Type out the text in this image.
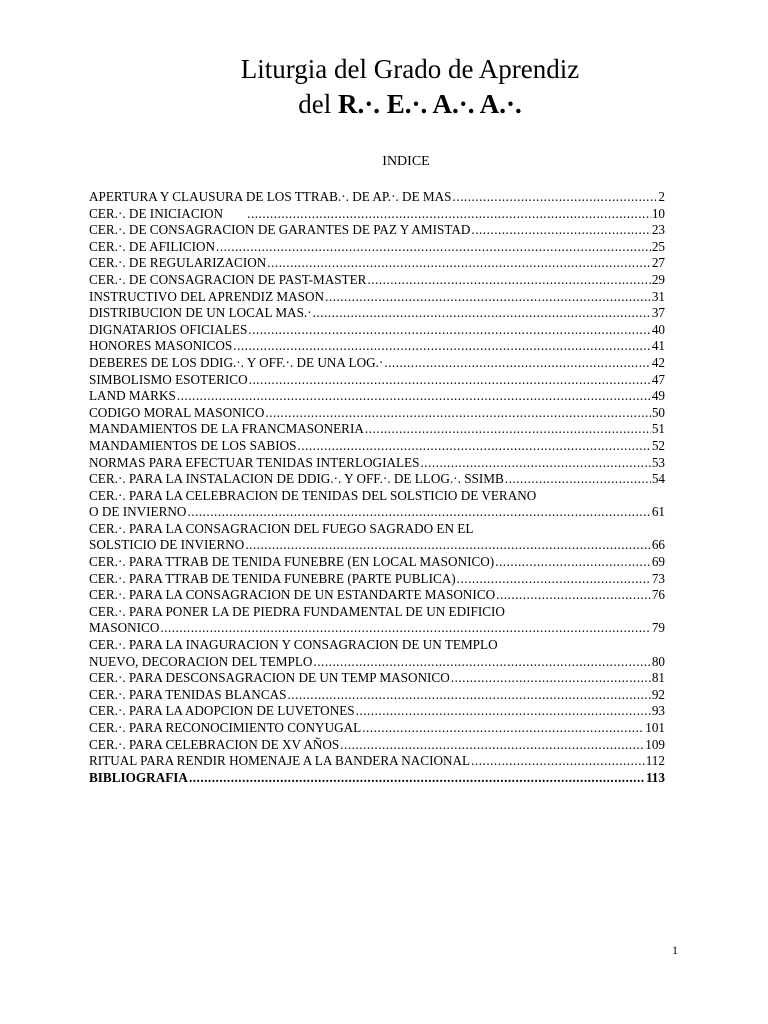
Liturgia del Grado de Aprendiz
del R.·. E.·. A.·. A.·.
INDICE
APERTURA Y CLAUSURA DE LOS TTRAB.·. DE AP.·. DE MAS .....	2
CER.·. DE INICIACION .....	10
CER.·. DE CONSAGRACION DE GARANTES DE PAZ Y AMISTAD .....	23
CER.·. DE AFILICION .....	25
CER.·. DE REGULARIZACION .....	27
CER.·. DE CONSAGRACION DE PAST-MASTER .....	29
INSTRUCTIVO DEL APRENDIZ MASON .....	31
DISTRIBUCION DE UN LOCAL MAS.· .....	37
DIGNATARIOS OFICIALES .....	40
HONORES MASONICOS .....	41
DEBERES DE LOS DDIG.·. Y OFF.·. DE UNA LOG.· .....	42
SIMBOLISMO ESOTERICO .....	47
LAND MARKS .....	49
CODIGO MORAL MASONICO .....	50
MANDAMIENTOS DE LA FRANCMASONERIA .....	51
MANDAMIENTOS DE LOS SABIOS .....	52
NORMAS PARA EFECTUAR TENIDAS INTERLOGIALES .....	53
CER.·. PARA LA INSTALACION DE DDIG.·. Y OFF.·. DE LLOG.·. SSIMB .....	54
CER.·. PARA LA CELEBRACION DE TENIDAS DEL SOLSTICIO DE VERANO
O DE INVIERNO .....	61
CER.·. PARA LA CONSAGRACION DEL FUEGO SAGRADO EN EL
SOLSTICIO DE INVIERNO .....	66
CER.·. PARA TTRAB DE TENIDA FUNEBRE (EN LOCAL MASONICO) .....	69
CER.·. PARA TTRAB DE TENIDA FUNEBRE (PARTE PUBLICA) .....	73
CER.·. PARA LA CONSAGRACION DE UN ESTANDARTE MASONICO .....	76
CER.·. PARA PONER LA DE PIEDRA FUNDAMENTAL DE UN EDIFICIO
MASONICO .....	79
CER.·. PARA LA INAGURACION Y CONSAGRACION DE UN TEMPLO
NUEVO, DECORACION DEL TEMPLO .....	80
CER.·. PARA DESCONSAGRACION DE UN TEMP MASONICO .....	81
CER.·. PARA TENIDAS BLANCAS .....	92
CER.·. PARA LA ADOPCION DE LUVETONES .....	93
CER.·. PARA RECONOCIMIENTO CONYUGAL .....	101
CER.·. PARA CELEBRACION DE XV AÑOS .....	109
RITUAL PARA RENDIR HOMENAJE A LA BANDERA NACIONAL .....	112
BIBLIOGRAFIA .....	113
1
